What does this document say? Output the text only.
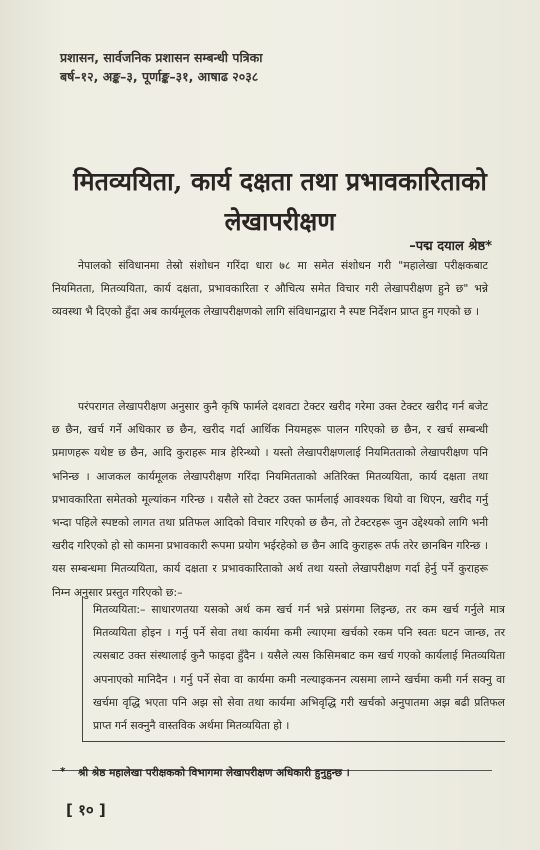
प्रशासन, सार्वजनिक प्रशासन सम्बन्धी पत्रिका
बर्ष–१२, अङ्क–३, पूर्णाङ्क–३१, आषाढ २०३८
मितव्ययिता, कार्य दक्षता तथा प्रभावकारिताको
लेखापरीक्षण
–पद्म दयाल श्रेष्ठ*

नेपालको संविधानमा तेस्रो संशोधन गरिंदा धारा ७८ मा समेत संशोधन गरी "महालेखा परीक्षकबाट नियमितता, मितव्ययिता, कार्य दक्षता, प्रभावकारिता र औचित्य समेत विचार गरी लेखापरीक्षण हुने छ" भन्ने व्यवस्था भै दिएको हुँदा अब कार्यमूलक लेखापरीक्षणको लागि संविधानद्वारा नै स्पष्ट निर्देशन प्राप्त हुन गएको छ ।

परंपरागत लेखापरीक्षण अनुसार कुनै कृषि फार्मले दशवटा टेक्टर खरीद गरेमा उक्त टेक्टर खरीद गर्न बजेट छ छैन, खर्च गर्ने अधिकार छ छैन, खरीद गर्दा आर्थिक नियमहरू पालन गरिएको छ छैन, र खर्च सम्बन्धी प्रमाणहरू यथेष्ट छ छैन, आदि कुराहरू मात्र हेरिन्थ्यो । यस्तो लेखापरीक्षणलाई नियमितताको लेखापरीक्षण पनि भनिन्छ । आजकल कार्यमूलक लेखापरीक्षण गरिंदा नियमितताको अतिरिक्त मितव्ययिता, कार्य दक्षता तथा प्रभावकारिता समेतको मूल्यांकन गरिन्छ । यसैले सो टेक्टर उक्त फार्मलाई आवश्यक थियो वा थिएन, खरीद गर्नु भन्दा पहिले स्पष्टको लागत तथा प्रतिफल आदिको विचार गरिएको छ छैन, तो टेक्टरहरू जुन उद्देश्यको लागि भनी खरीद गरिएको हो सो कामना प्रभावकारी रूपमा प्रयोग भईरहेको छ छैन आदि कुराहरू तर्फ तरेर छानबिन गरिन्छ । यस सम्बन्धमा मितव्ययिता, कार्य दक्षता र प्रभावकारिताको अर्थ तथा यस्तो लेखापरीक्षण गर्दा हेर्नु पर्ने कुराहरू निम्न अनुसार प्रस्तुत गरिएको छ:–

मितव्ययिता:– साधारणतया यसको अर्थ कम खर्च गर्न भन्ने प्रसंगमा लिइन्छ, तर कम खर्च गर्नुले मात्र मितव्ययिता होइन । गर्नु पर्ने सेवा तथा कार्यमा कमी ल्याएमा खर्चको रकम पनि स्वतः घटन जान्छ, तर त्यसबाट उक्त संस्थालाई कुनै फाइदा हुँदैन । यसैले त्यस किसिमबाट कम खर्च गएको कार्यलाई मितव्ययिता अपनाएको मानिदैन । गर्नु पर्ने सेवा वा कार्यमा कमी नल्याइकनन त्यसमा लाग्ने खर्चमा कमी गर्न सक्नु वा खर्चमा वृद्धि भएता पनि अझ सो सेवा तथा कार्यमा अभिवृद्धि गरी खर्चको अनुपातमा अझ बढी प्रतिफल प्राप्त गर्न सक्नुनै वास्तविक अर्थमा मितव्ययिता हो ।
* श्री श्रेष्ठ महालेखा परीक्षकको विभागमा लेखापरीक्षण अधिकारी हुनुहुन्छ ।
[ १० ]
